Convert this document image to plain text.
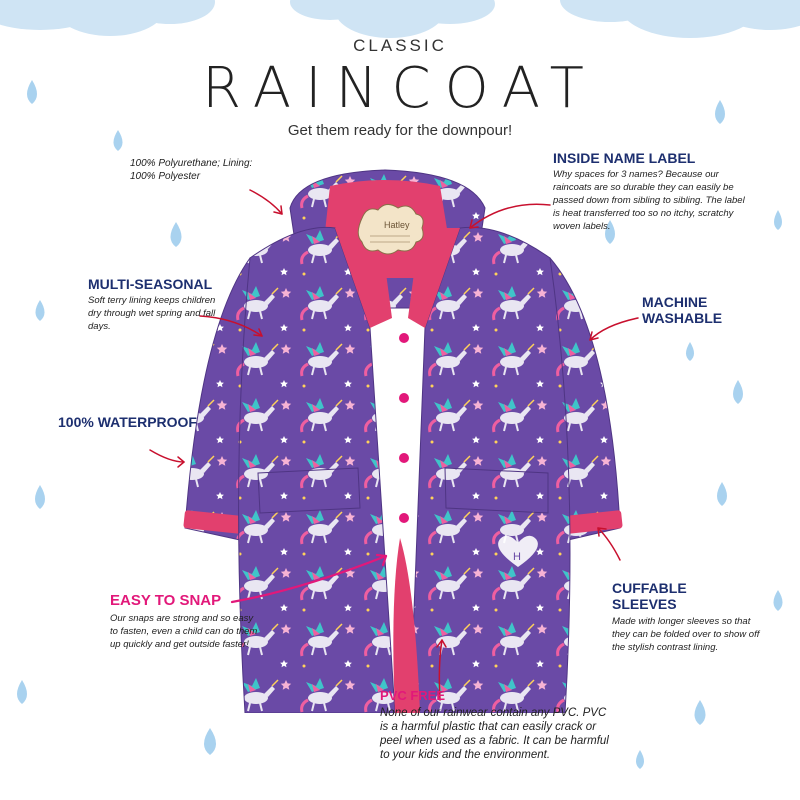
CLASSIC
RAINCOAT
Get them ready for the downpour!
Hatley
H
100% Polyurethane; Lining: 100% Polyester
INSIDE NAME LABEL
Why spaces for 3 names? Because our raincoats are so durable they can easily be passed down from sibling to sibling. The label is heat transferred too so no itchy, scratchy woven labels.
MULTI-SEASONAL
Soft terry lining keeps children dry through wet spring and fall days.
MACHINE WASHABLE
100% WATERPROOF
EASY TO SNAP
Our snaps are strong and so easy to fasten, even a child can do them up quickly and get outside faster!
CUFFABLE SLEEVES
Made with longer sleeves so that they can be folded over to show off the stylish contrast lining.
PVC FREE
None of our rainwear contain any PVC. PVC is a harmful plastic that can easily crack or peel when used as a fabric. It can be harmful to your kids and the environment.
